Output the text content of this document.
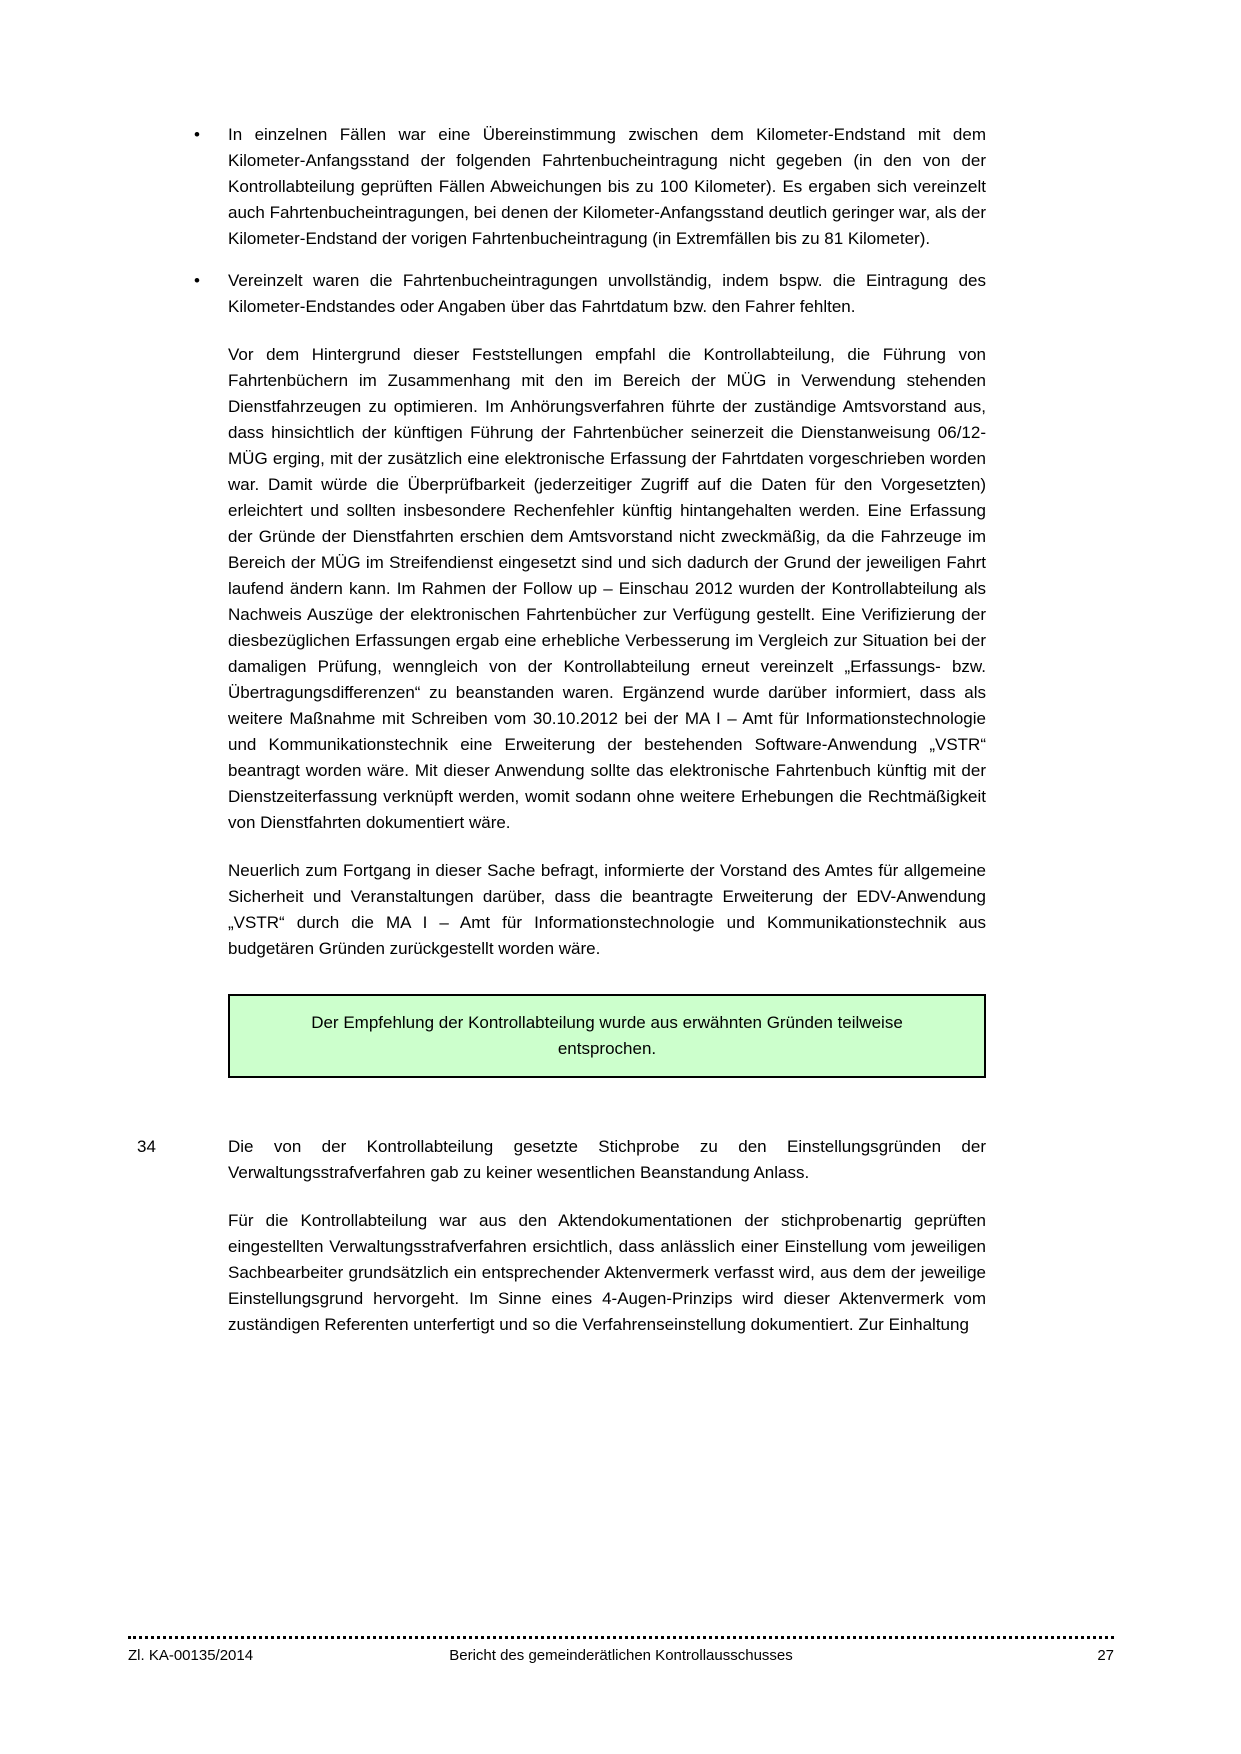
• In einzelnen Fällen war eine Übereinstimmung zwischen dem Kilometer-Endstand mit dem Kilometer-Anfangsstand der folgenden Fahrtenbucheintragung nicht gegeben (in den von der Kontrollabteilung geprüften Fällen Abweichungen bis zu 100 Kilometer). Es ergaben sich vereinzelt auch Fahrtenbucheintragungen, bei denen der Kilometer-Anfangsstand deutlich geringer war, als der Kilometer-Endstand der vorigen Fahrtenbucheintragung (in Extremfällen bis zu 81 Kilometer).
• Vereinzelt waren die Fahrtenbucheintragungen unvollständig, indem bspw. die Eintragung des Kilometer-Endstandes oder Angaben über das Fahrtdatum bzw. den Fahrer fehlten.

Vor dem Hintergrund dieser Feststellungen empfahl die Kontrollabteilung, die Führung von Fahrtenbüchern im Zusammenhang mit den im Bereich der MÜG in Verwendung stehenden Dienstfahrzeugen zu optimieren. Im Anhörungsverfahren führte der zuständige Amtsvorstand aus, dass hinsichtlich der künftigen Führung der Fahrtenbücher seinerzeit die Dienstanweisung 06/12-MÜG erging, mit der zusätzlich eine elektronische Erfassung der Fahrtdaten vorgeschrieben worden war. Damit würde die Überprüfbarkeit (jederzeitiger Zugriff auf die Daten für den Vorgesetzten) erleichtert und sollten insbesondere Rechenfehler künftig hintangehalten werden. Eine Erfassung der Gründe der Dienstfahrten erschien dem Amtsvorstand nicht zweckmäßig, da die Fahrzeuge im Bereich der MÜG im Streifendienst eingesetzt sind und sich dadurch der Grund der jeweiligen Fahrt laufend ändern kann. Im Rahmen der Follow up – Einschau 2012 wurden der Kontrollabteilung als Nachweis Auszüge der elektronischen Fahrtenbücher zur Verfügung gestellt. Eine Verifizierung der diesbezüglichen Erfassungen ergab eine erhebliche Verbesserung im Vergleich zur Situation bei der damaligen Prüfung, wenngleich von der Kontrollabteilung erneut vereinzelt „Erfassungs- bzw. Übertragungsdifferenzen“ zu beanstanden waren. Ergänzend wurde darüber informiert, dass als weitere Maßnahme mit Schreiben vom 30.10.2012 bei der MA I – Amt für Informationstechnologie und Kommunikationstechnik eine Erweiterung der bestehenden Software-Anwendung „VSTR“ beantragt worden wäre. Mit dieser Anwendung sollte das elektronische Fahrtenbuch künftig mit der Dienstzeiterfassung verknüpft werden, womit sodann ohne weitere Erhebungen die Rechtmäßigkeit von Dienstfahrten dokumentiert wäre.

Neuerlich zum Fortgang in dieser Sache befragt, informierte der Vorstand des Amtes für allgemeine Sicherheit und Veranstaltungen darüber, dass die beantragte Erweiterung der EDV-Anwendung „VSTR“ durch die MA I – Amt für Informationstechnologie und Kommunikationstechnik aus budgetären Gründen zurückgestellt worden wäre.

Der Empfehlung der Kontrollabteilung wurde aus erwähnten Gründen teilweise entsprochen.
34	Die von der Kontrollabteilung gesetzte Stichprobe zu den Einstellungsgründen der Verwaltungsstrafverfahren gab zu keiner wesentlichen Beanstandung Anlass.

Für die Kontrollabteilung war aus den Aktendokumentationen der stichprobenartig geprüften eingestellten Verwaltungsstrafverfahren ersichtlich, dass anlässlich einer Einstellung vom jeweiligen Sachbearbeiter grundsätzlich ein entsprechender Aktenvermerk verfasst wird, aus dem der jeweilige Einstellungsgrund hervorgeht. Im Sinne eines 4-Augen-Prinzips wird dieser Aktenvermerk vom zuständigen Referenten unterfertigt und so die Verfahrenseinstellung dokumentiert. Zur Einhaltung

Zl. KA-00135/2014	Bericht des gemeinderätlichen Kontrollausschusses	27
